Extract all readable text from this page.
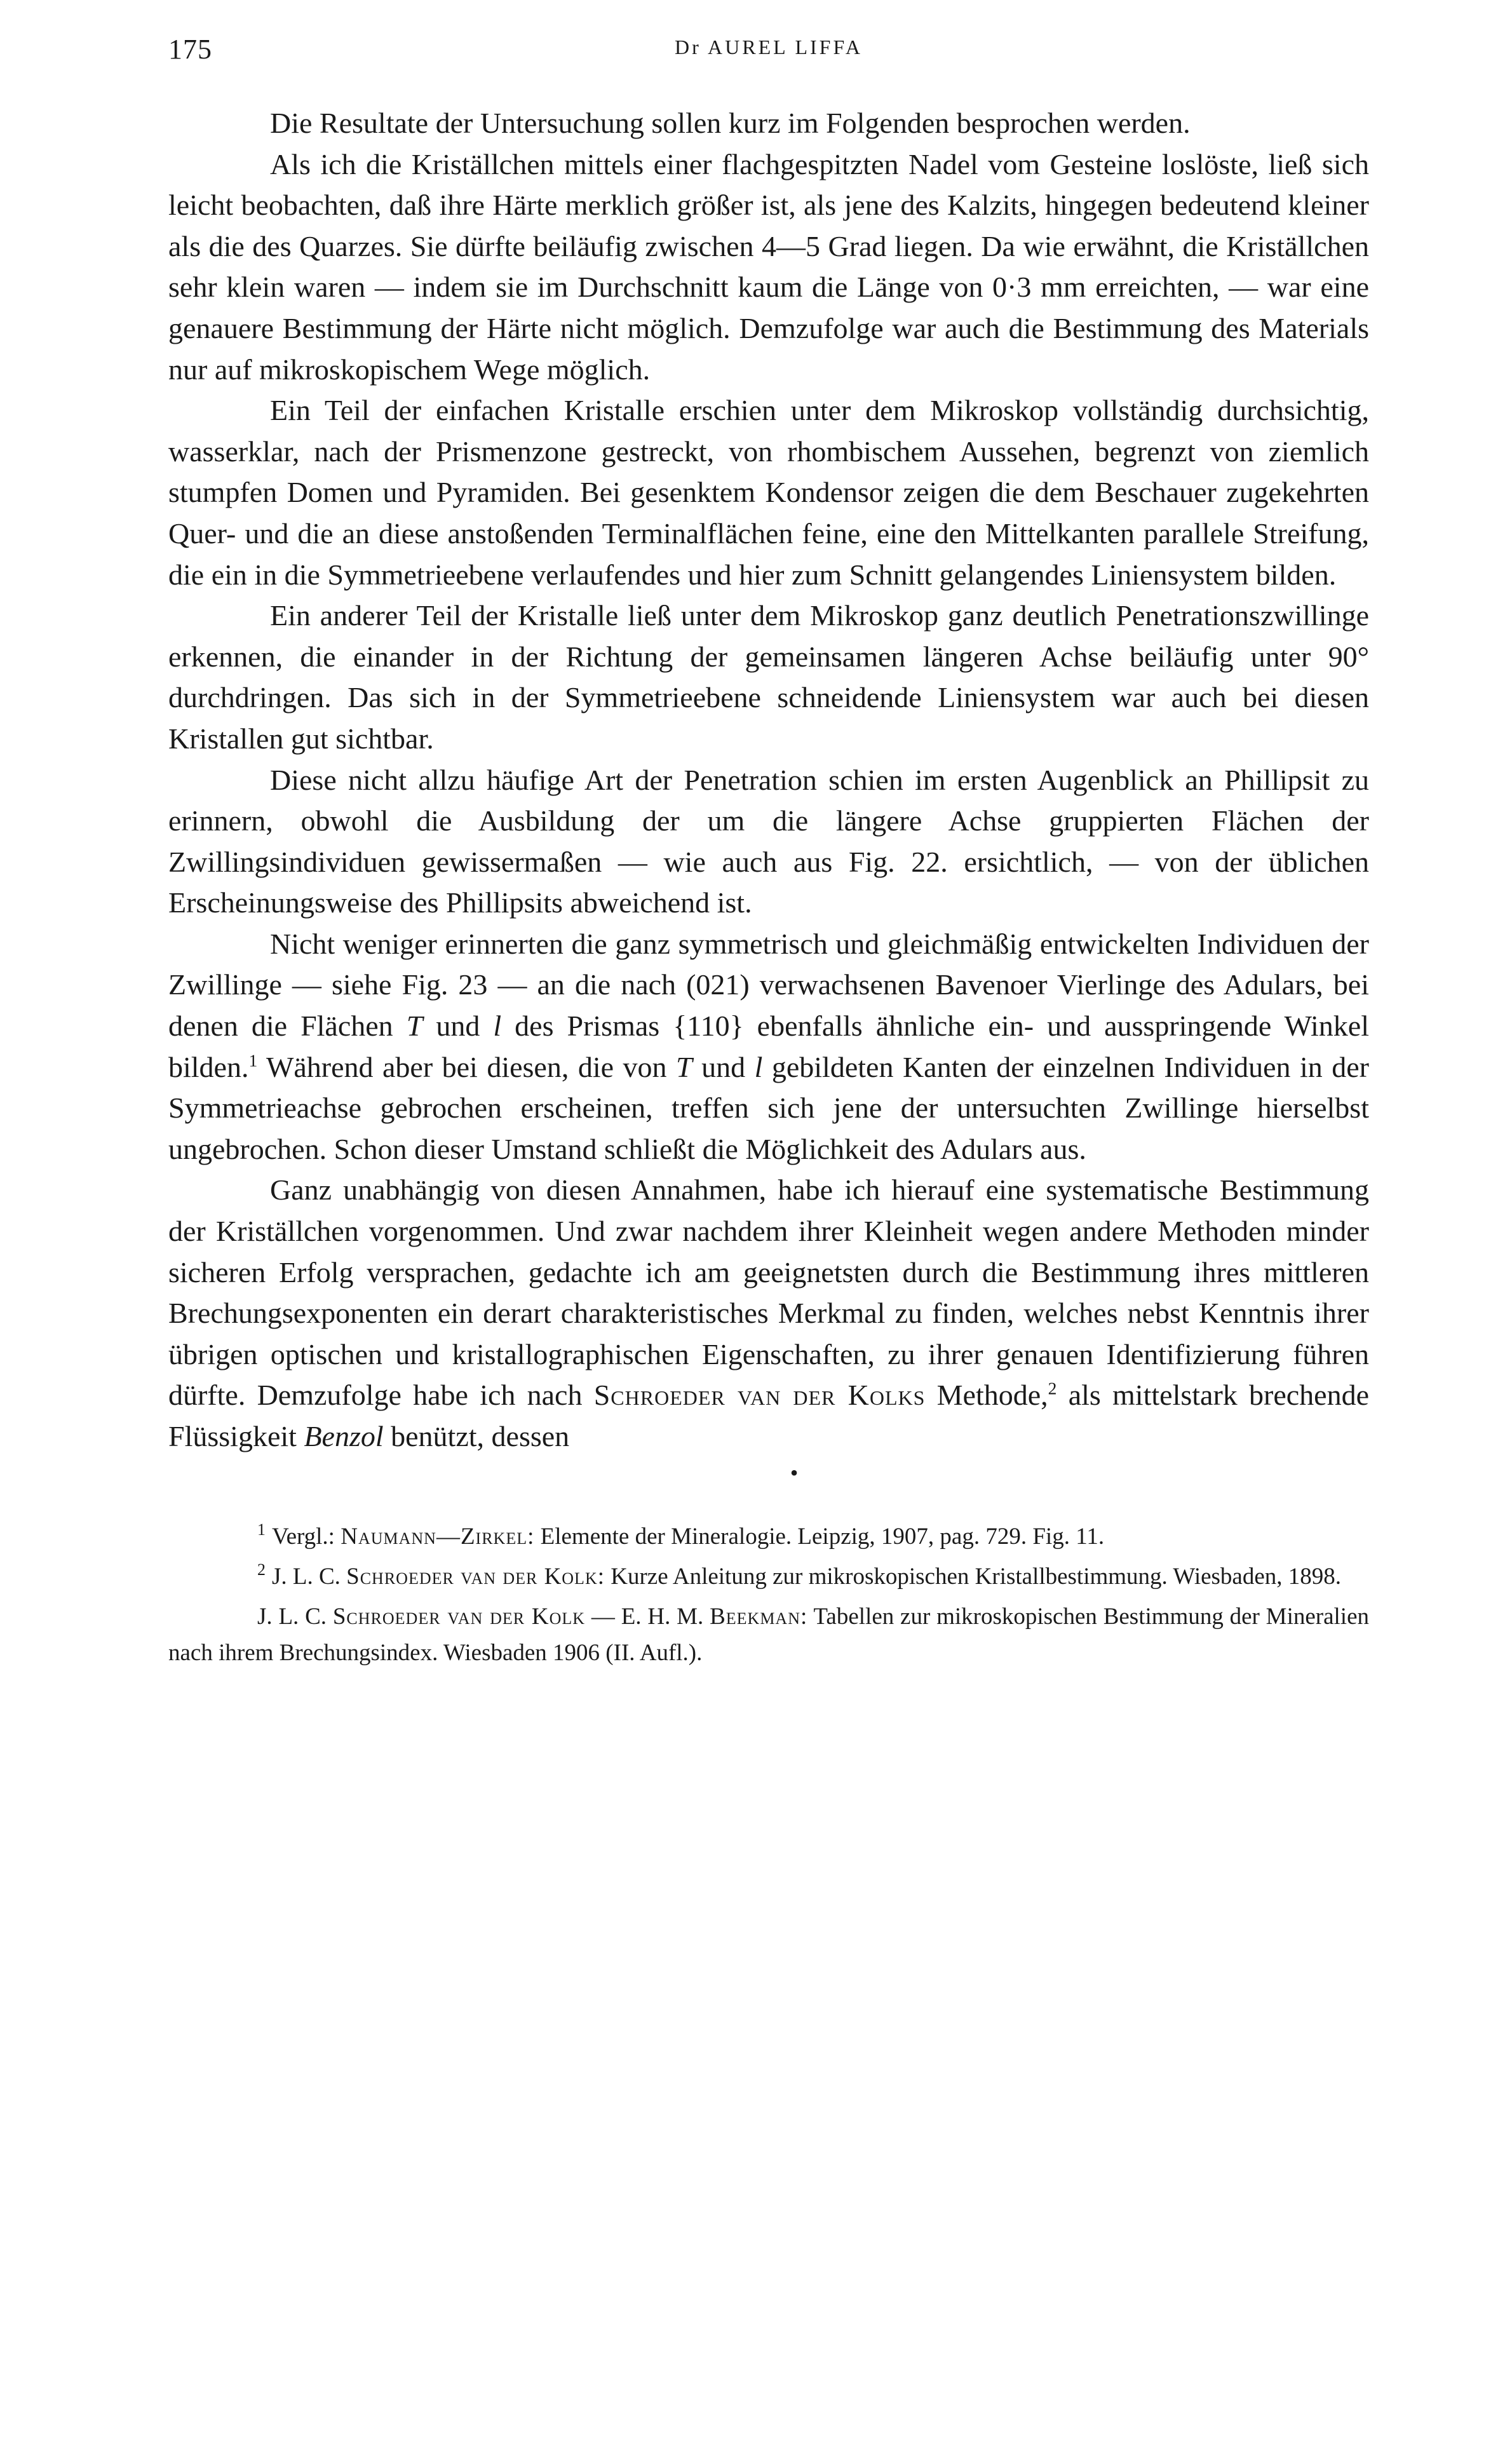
175	Dr AUREL LIFFA

Die Resultate der Untersuchung sollen kurz im Folgenden besprochen werden.

Als ich die Kriställchen mittels einer flachgespitzten Nadel vom Gesteine loslöste, ließ sich leicht beobachten, daß ihre Härte merklich größer ist, als jene des Kalzits, hingegen bedeutend kleiner als die des Quarzes. Sie dürfte beiläufig zwischen 4—5 Grad liegen. Da wie erwähnt, die Kriställchen sehr klein waren — indem sie im Durchschnitt kaum die Länge von 0·3 mm erreichten, — war eine genauere Bestimmung der Härte nicht möglich. Demzufolge war auch die Bestimmung des Materials nur auf mikroskopischem Wege möglich.

Ein Teil der einfachen Kristalle erschien unter dem Mikroskop vollständig durchsichtig, wasserklar, nach der Prismenzone gestreckt, von rhombischem Aussehen, begrenzt von ziemlich stumpfen Domen und Pyramiden. Bei gesenktem Kondensor zeigen die dem Beschauer zugekehrten Quer- und die an diese anstoßenden Terminalflächen feine, eine den Mittelkanten parallele Streifung, die ein in die Symmetrieebene verlaufendes und hier zum Schnitt gelangendes Liniensystem bilden.

Ein anderer Teil der Kristalle ließ unter dem Mikroskop ganz deutlich Penetrationszwillinge erkennen, die einander in der Richtung der gemeinsamen längeren Achse beiläufig unter 90° durchdringen. Das sich in der Symmetrieebene schneidende Liniensystem war auch bei diesen Kristallen gut sichtbar.

Diese nicht allzu häufige Art der Penetration schien im ersten Augenblick an Phillipsit zu erinnern, obwohl die Ausbildung der um die längere Achse gruppierten Flächen der Zwillingsindividuen gewissermaßen — wie auch aus Fig. 22. ersichtlich, — von der üblichen Erscheinungsweise des Phillipsits abweichend ist.

Nicht weniger erinnerten die ganz symmetrisch und gleichmäßig entwickelten Individuen der Zwillinge — siehe Fig. 23 — an die nach (021) verwachsenen Bavenoer Vierlinge des Adulars, bei denen die Flächen T und l des Prismas {110} ebenfalls ähnliche ein- und ausspringende Winkel bilden.$^1$ Während aber bei diesen, die von T und l gebildeten Kanten der einzelnen Individuen in der Symmetrieachse gebrochen erscheinen, treffen sich jene der untersuchten Zwillinge hierselbst ungebrochen. Schon dieser Umstand schließt die Möglichkeit des Adulars aus.

Ganz unabhängig von diesen Annahmen, habe ich hierauf eine systematische Bestimmung der Kriställchen vorgenommen. Und zwar nachdem ihrer Kleinheit wegen andere Methoden minder sicheren Erfolg versprachen, gedachte ich am geeignetsten durch die Bestimmung ihres mittleren Brechungsexponenten ein derart charakteristisches Merkmal zu finden, welches nebst Kenntnis ihrer übrigen optischen und kristallographischen Eigenschaften, zu ihrer genauen Identifizierung führen dürfte. Demzufolge habe ich nach Schroeder van der Kolks Methode,$^2$ als mittelstark brechende Flüssigkeit Benzol benützt, dessen

•

$^1$ Vergl.: Naumann—Zirkel: Elemente der Mineralogie. Leipzig, 1907, pag. 729. Fig. 11.

$^2$ J. L. C. Schroeder van der Kolk: Kurze Anleitung zur mikroskopischen Kristallbestimmung. Wiesbaden, 1898.

J. L. C. Schroeder van der Kolk — E. H. M. Beekman: Tabellen zur mikroskopischen Bestimmung der Mineralien nach ihrem Brechungsindex. Wiesbaden 1906 (II. Aufl.).
